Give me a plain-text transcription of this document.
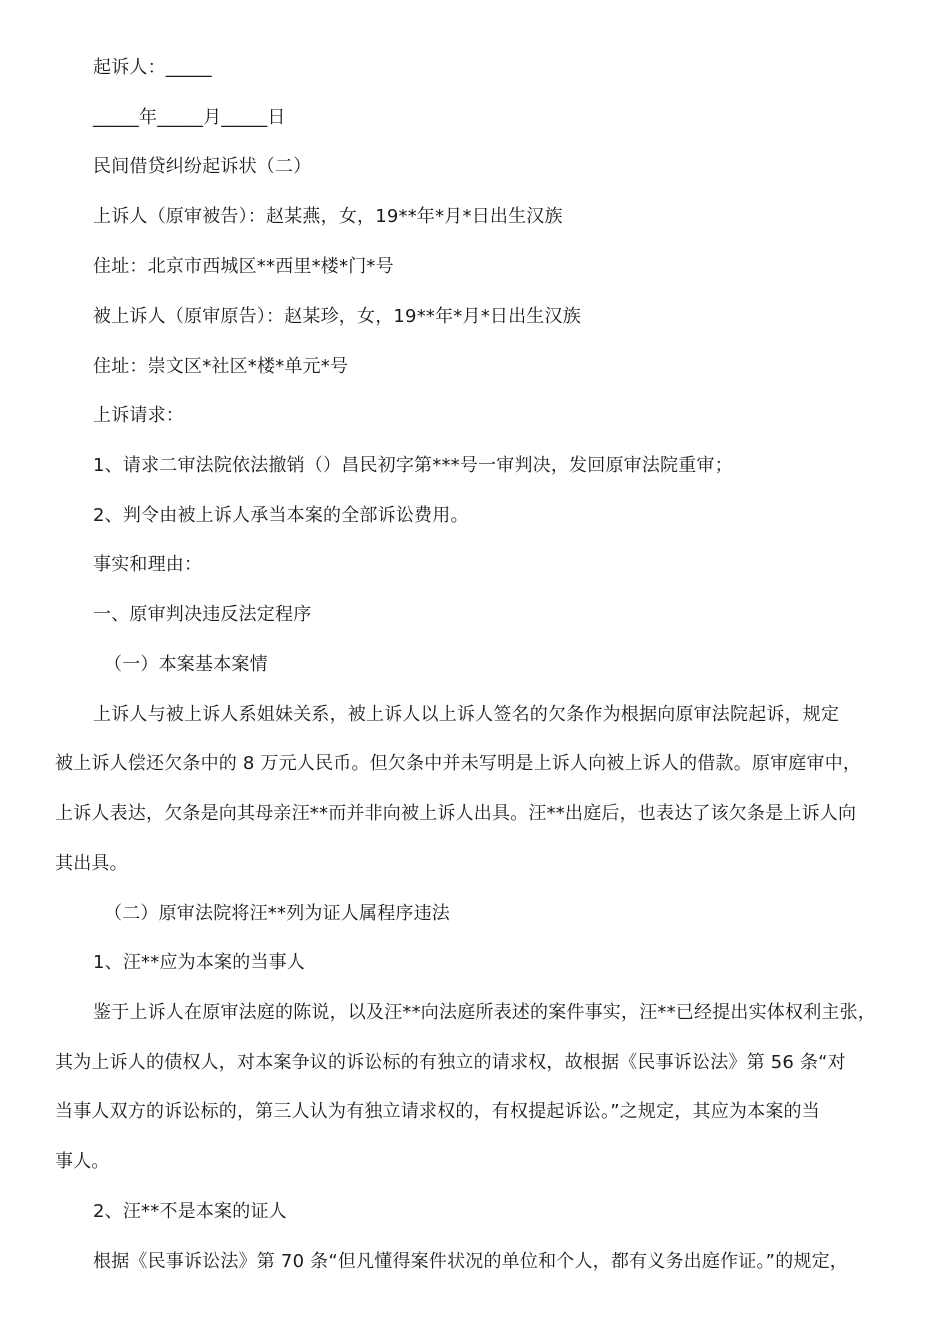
起诉人：_____
_____年_____月_____日
民间借贷纠纷起诉状（二）
上诉人（原审被告）：赵某燕，女，19**年*月*日出生汉族
住址：北京市西城区**西里*楼*门*号
被上诉人（原审原告）：赵某珍，女，19**年*月*日出生汉族
住址：崇文区*社区*楼*单元*号
上诉请求：
1、请求二审法院依法撤销（）昌民初字第***号一审判决，发回原审法院重审；
2、判令由被上诉人承当本案的全部诉讼费用。
事实和理由：
一、原审判决违反法定程序
（一）本案基本案情
上诉人与被上诉人系姐妹关系，被上诉人以上诉人签名的欠条作为根据向原审法院起诉，规定
被上诉人偿还欠条中的 8 万元人民币。但欠条中并未写明是上诉人向被上诉人的借款。原审庭审中，
上诉人表达，欠条是向其母亲汪**而并非向被上诉人出具。汪**出庭后，也表达了该欠条是上诉人向
其出具。
（二）原审法院将汪**列为证人属程序违法
1、汪**应为本案的当事人
鉴于上诉人在原审法庭的陈说，以及汪**向法庭所表述的案件事实，汪**已经提出实体权利主张，
其为上诉人的债权人，对本案争议的诉讼标的有独立的请求权，故根据《民事诉讼法》第 56 条“对
当事人双方的诉讼标的，第三人认为有独立请求权的，有权提起诉讼。”之规定，其应为本案的当
事人。
2、汪**不是本案的证人
根据《民事诉讼法》第 70 条“但凡懂得案件状况的单位和个人，都有义务出庭作证。”的规定，
